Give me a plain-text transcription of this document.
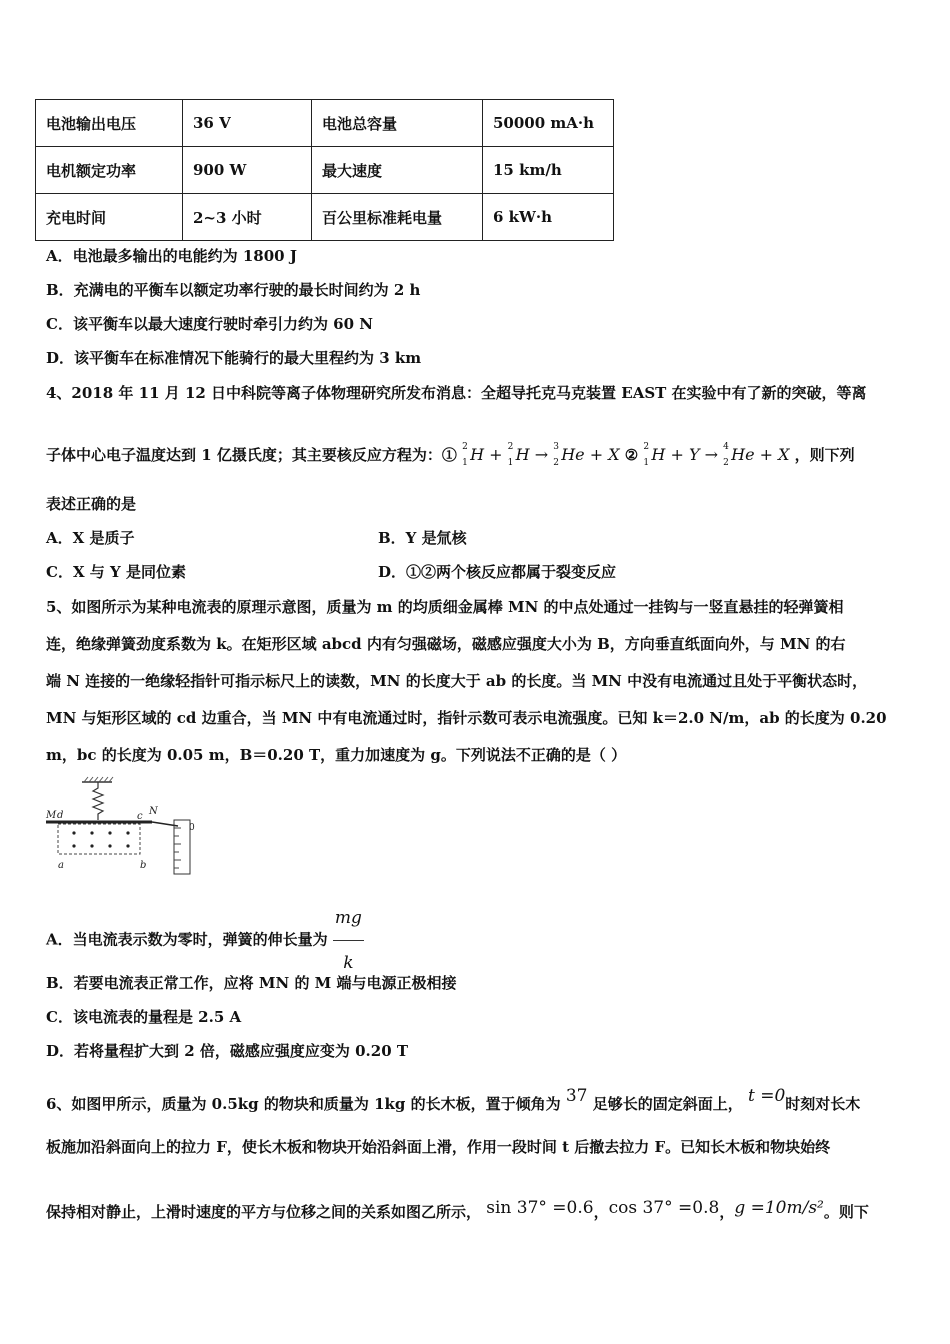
电池输出电压	36 V	电池总容量	50000 mA·h
电机额定功率	900 W	最大速度	15 km/h
充电时间	2~3 小时	百公里标准耗电量	6 kW·h
A．电池最多输出的电能约为 1800 J
B．充满电的平衡车以额定功率行驶的最长时间约为 2 h
C．该平衡车以最大速度行驶时牵引力约为 60 N
D．该平衡车在标准情况下能骑行的最大里程约为 3 km
4、2018 年 11 月 12 日中科院等离子体物理研究所发布消息：全超导托克马克装置 EAST 在实验中有了新的突破，等离
子体中心电子温度达到 1 亿摄氏度；其主要核反应方程为：① 2
1 H + 2
1 H → 3
2 He + X ② 2
1 H + Y → 4
2 He + X ，则下列
表述正确的是
A．X 是质子	B．Y 是氚核
C．X 与 Y 是同位素	D．①②两个核反应都属于裂变反应
5、如图所示为某种电流表的原理示意图，质量为 m 的均质细金属棒 MN 的中点处通过一挂钩与一竖直悬挂的轻弹簧相
连，绝缘弹簧劲度系数为 k。在矩形区域 abcd 内有匀强磁场，磁感应强度大小为 B，方向垂直纸面向外，与 MN 的右
端 N 连接的一绝缘轻指针可指示标尺上的读数，MN 的长度大于 ab 的长度。当 MN 中没有电流通过且处于平衡状态时，
MN 与矩形区域的 cd 边重合，当 MN 中有电流通过时，指针示数可表示电流强度。已知 k＝2.0 N/m，ab 的长度为 0.20
m，bc 的长度为 0.05 m，B＝0.20 T，重力加速度为 g。下列说法不正确的是（ ）
M d	c N
a	b
0
A．当电流表示数为零时，弹簧的伸长量为 $\frac{mg}{k}$
B．若要电流表正常工作，应将 MN 的 M 端与电源正极相接
C．该电流表的量程是 2.5 A
D．若将量程扩大到 2 倍，磁感应强度应变为 0.20 T
6、如图甲所示，质量为 0.5kg 的物块和质量为 1kg 的长木板，置于倾角为 37 足够长的固定斜面上， t =0时刻对长木
板施加沿斜面向上的拉力 F，使长木板和物块开始沿斜面上滑，作用一段时间 t 后撤去拉力 F。已知长木板和物块始终
保持相对静止，上滑时速度的平方与位移之间的关系如图乙所示， sin 37° =0.6，cos 37° =0.8，g =10m/s²。则下
